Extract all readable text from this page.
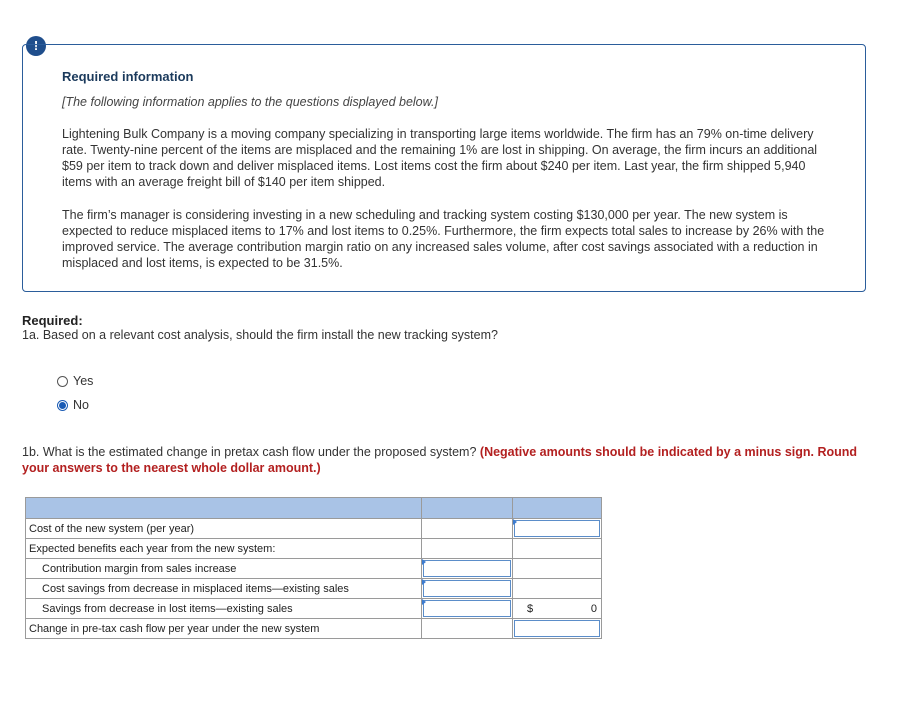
!
Required information
[The following information applies to the questions displayed below.]
Lightening Bulk Company is a moving company specializing in transporting large items worldwide. The firm has an 79% on-time delivery rate. Twenty-nine percent of the items are misplaced and the remaining 1% are lost in shipping. On average, the firm incurs an additional $59 per item to track down and deliver misplaced items. Lost items cost the firm about $240 per item. Last year, the firm shipped 5,940 items with an average freight bill of $140 per item shipped.
The firm’s manager is considering investing in a new scheduling and tracking system costing $130,000 per year. The new system is expected to reduce misplaced items to 17% and lost items to 0.25%. Furthermore, the firm expects total sales to increase by 26% with the improved service. The average contribution margin ratio on any increased sales volume, after cost savings associated with a reduction in misplaced and lost items, is expected to be 31.5%.
Required:
1a. Based on a relevant cost analysis, should the firm install the new tracking system?
Yes
No
1b. What is the estimated change in pretax cash flow under the proposed system? (Negative amounts should be indicated by a minus sign. Round your answers to the nearest whole dollar amount.)

Cost of the new system (per year)		

Expected benefits each year from the new system:		
Contribution margin from sales increase	

Cost savings from decrease in misplaced items—existing sales	

Savings from decrease in lost items—existing sales		$ 0

Change in pre-tax cash flow per year under the new system		
